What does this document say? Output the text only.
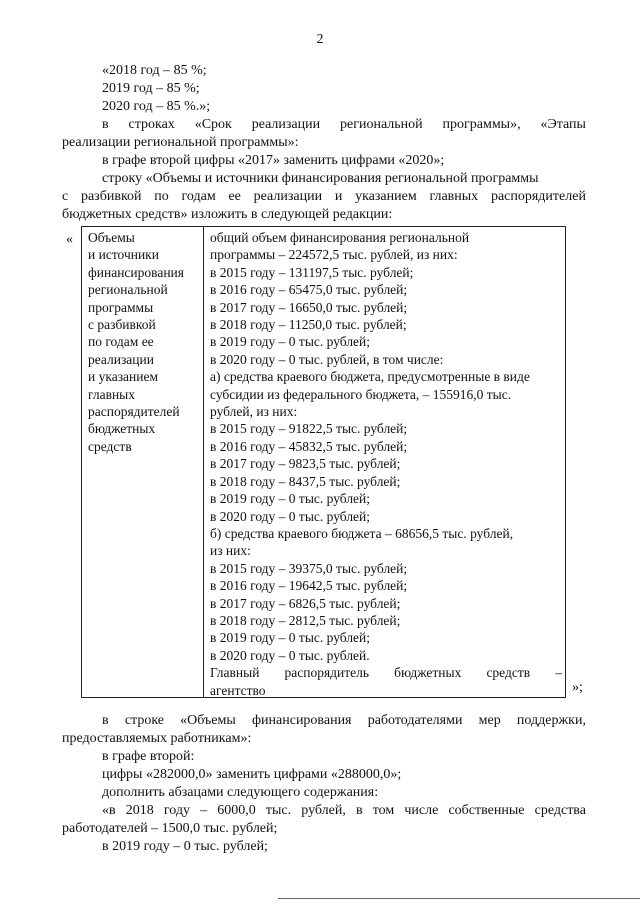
2
«2018 год – 85 %;
2019 год – 85 %;
2020 год – 85 %.»;
в строках «Срок реализации региональной программы», «Этапы
реализации региональной программы»:
в графе второй цифры «2017» заменить цифрами «2020»;
строку «Объемы и источники финансирования региональной программы
с разбивкой по годам ее реализации и указанием главных распорядителей
бюджетных средств» изложить в следующей редакции:
« Объемы
и источники
финансирования
региональной
программы
с разбивкой
по годам ее
реализации
и указанием
главных
распорядителей
бюджетных
средств
общий объем финансирования региональной
программы – 224572,5 тыс. рублей, из них:
в 2015 году – 131197,5 тыс. рублей;
в 2016 году – 65475,0 тыс. рублей;
в 2017 году – 16650,0 тыс. рублей;
в 2018 году – 11250,0 тыс. рублей;
в 2019 году – 0 тыс. рублей;
в 2020 году – 0 тыс. рублей, в том числе:
а) средства краевого бюджета, предусмотренные в виде
субсидии из федерального бюджета, – 155916,0 тыс.
рублей, из них:
в 2015 году – 91822,5 тыс. рублей;
в 2016 году – 45832,5 тыс. рублей;
в 2017 году – 9823,5 тыс. рублей;
в 2018 году – 8437,5 тыс. рублей;
в 2019 году – 0 тыс. рублей;
в 2020 году – 0 тыс. рублей;
б) средства краевого бюджета – 68656,5 тыс. рублей,
из них:
в 2015 году – 39375,0 тыс. рублей;
в 2016 году – 19642,5 тыс. рублей;
в 2017 году – 6826,5 тыс. рублей;
в 2018 году – 2812,5 тыс. рублей;
в 2019 году – 0 тыс. рублей;
в 2020 году – 0 тыс. рублей.
Главный распорядитель бюджетных средств –
агентство	»;
в строке «Объемы финансирования работодателями мер поддержки,
предоставляемых работникам»:
в графе второй:
цифры «282000,0» заменить цифрами «288000,0»;
дополнить абзацами следующего содержания:
«в 2018 году – 6000,0 тыс. рублей, в том числе собственные средства
работодателей – 1500,0 тыс. рублей;
в 2019 году – 0 тыс. рублей;
